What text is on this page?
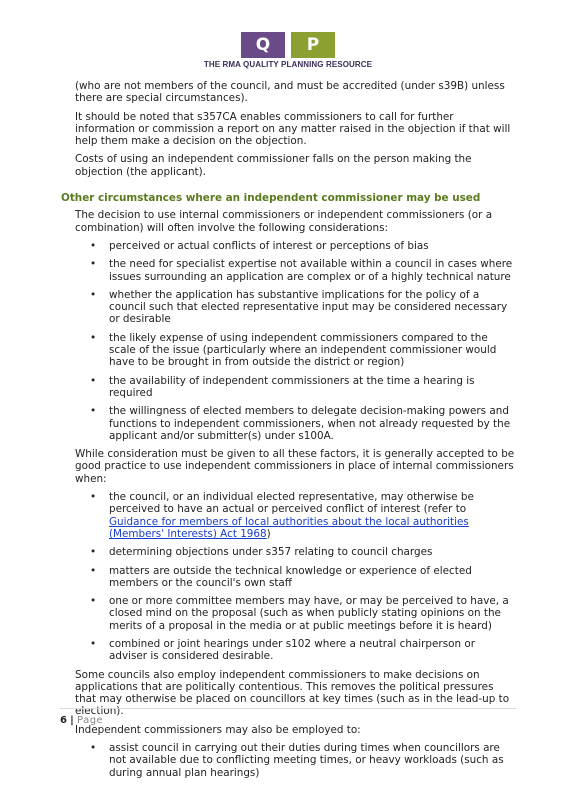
Q	P
THE RMA QUALITY PLANNING RESOURCE

(who are not members of the council, and must be accredited (under s39B) unless there are special circumstances).

It should be noted that s357CA enables commissioners to call for further information or commission a report on any matter raised in the objection if that will help them make a decision on the objection.

Costs of using an independent commissioner falls on the person making the objection (the applicant).

Other circumstances where an independent commissioner may be used

The decision to use internal commissioners or independent commissioners (or a combination) will often involve the following considerations:

• perceived or actual conflicts of interest or perceptions of bias
• the need for specialist expertise not available within a council in cases where issues surrounding an application are complex or of a highly technical nature
• whether the application has substantive implications for the policy of a council such that elected representative input may be considered necessary or desirable
• the likely expense of using independent commissioners compared to the scale of the issue (particularly where an independent commissioner would have to be brought in from outside the district or region)
• the availability of independent commissioners at the time a hearing is required
• the willingness of elected members to delegate decision-making powers and functions to independent commissioners, when not already requested by the applicant and/or submitter(s) under s100A.

While consideration must be given to all these factors, it is generally accepted to be good practice to use independent commissioners in place of internal commissioners when:

• the council, or an individual elected representative, may otherwise be perceived to have an actual or perceived conflict of interest (refer to Guidance for members of local authorities about the local authorities (Members' Interests) Act 1968)
• determining objections under s357 relating to council charges
• matters are outside the technical knowledge or experience of elected members or the council's own staff
• one or more committee members may have, or may be perceived to have, a closed mind on the proposal (such as when publicly stating opinions on the merits of a proposal in the media or at public meetings before it is heard)
• combined or joint hearings under s102 where a neutral chairperson or adviser is considered desirable.

Some councils also employ independent commissioners to make decisions on applications that are politically contentious. This removes the political pressures that may otherwise be placed on councillors at key times (such as in the lead-up to election).

Independent commissioners may also be employed to:

• assist council in carrying out their duties during times when councillors are not available due to conflicting meeting times, or heavy workloads (such as during annual plan hearings)
6 | Page
